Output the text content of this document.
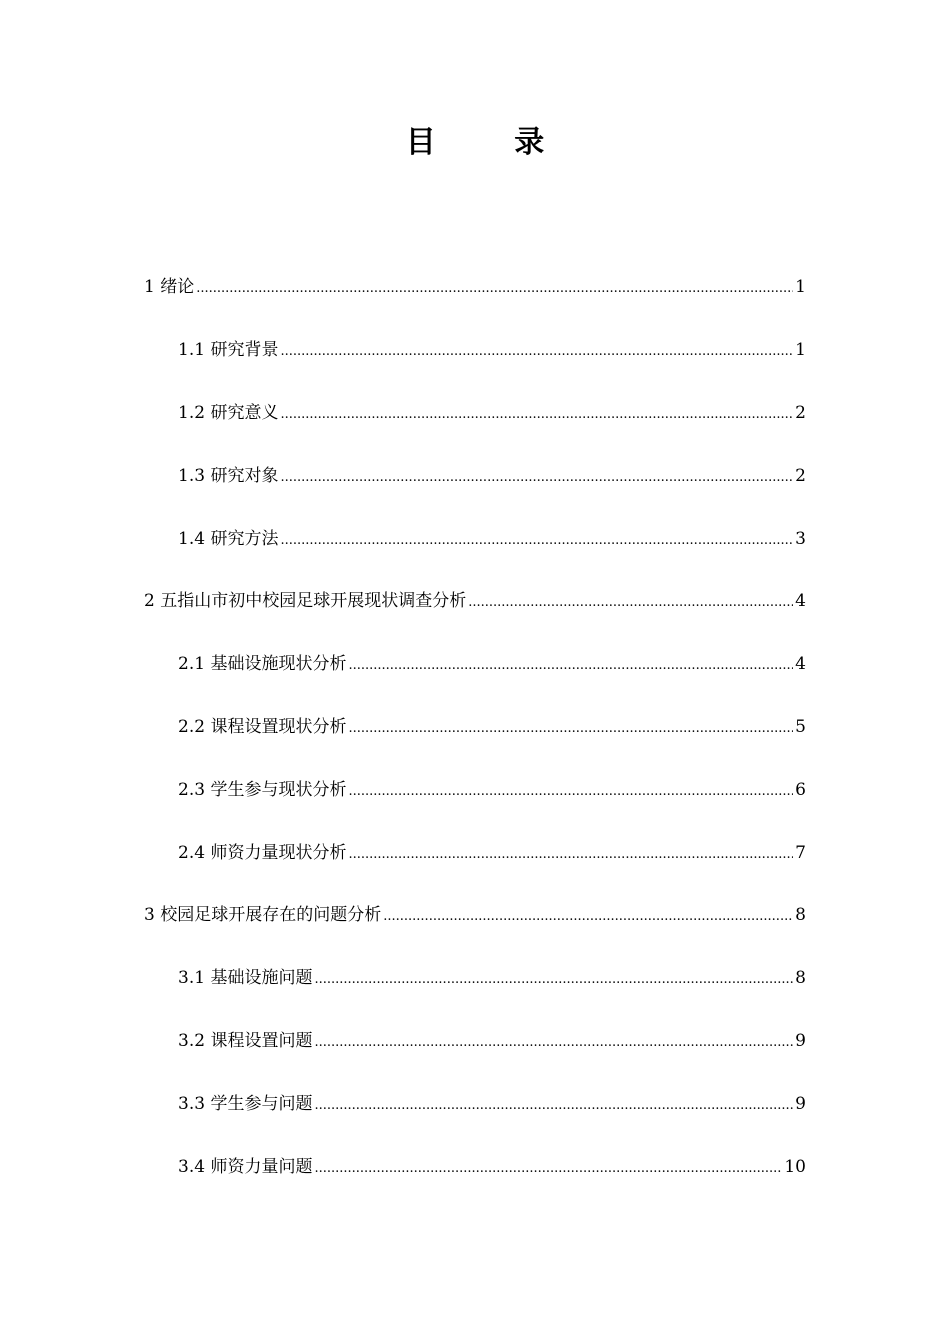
目 录
1 绪论 .....	1
1.1 研究背景 .....	1
1.2 研究意义 .....	2
1.3 研究对象 .....	2
1.4 研究方法 .....	3
2 五指山市初中校园足球开展现状调查分析 .....	4
2.1 基础设施现状分析 .....	4
2.2 课程设置现状分析 .....	5
2.3 学生参与现状分析 .....	6
2.4 师资力量现状分析 .....	7
3 校园足球开展存在的问题分析 .....	8
3.1 基础设施问题 .....	8
3.2 课程设置问题 .....	9
3.3 学生参与问题 .....	9
3.4 师资力量问题 .....	10
